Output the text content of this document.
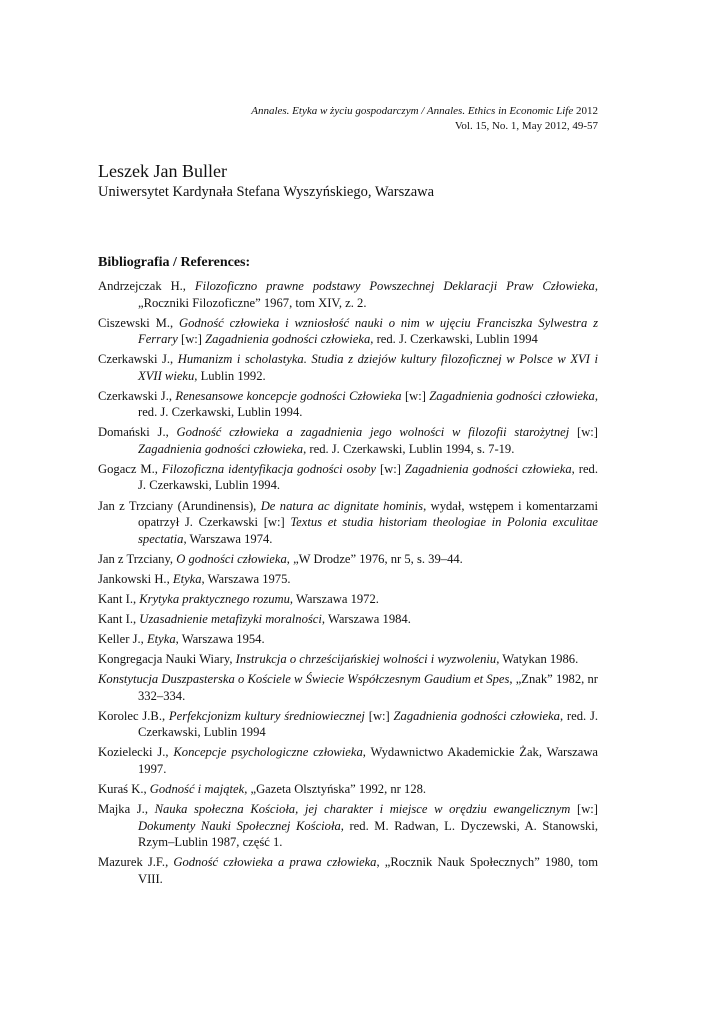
Annales. Etyka w życiu gospodarczym / Annales. Ethics in Economic Life 2012
Vol. 15, No. 1, May 2012, 49-57
Leszek Jan Buller
Uniwersytet Kardynała Stefana Wyszyńskiego, Warszawa
Bibliografia / References:
Andrzejczak H., Filozoficzno prawne podstawy Powszechnej Deklaracji Praw Człowieka, „Roczniki Filozoficzne” 1967, tom XIV, z. 2.
Ciszewski M., Godność człowieka i wzniosłość nauki o nim w ujęciu Franciszka Sylwestra z Ferrary [w:] Zagadnienia godności człowieka, red. J. Czerkawski, Lublin 1994
Czerkawski J., Humanizm i scholastyka. Studia z dziejów kultury filozoficznej w Polsce w XVI i XVII wieku, Lublin 1992.
Czerkawski J., Renesansowe koncepcje godności Człowieka [w:] Zagadnienia godności człowieka, red. J. Czerkawski, Lublin 1994.
Domański J., Godność człowieka a zagadnienia jego wolności w filozofii starożytnej [w:] Zagadnienia godności człowieka, red. J. Czerkawski, Lublin 1994, s. 7-19.
Gogacz M., Filozoficzna identyfikacja godności osoby [w:] Zagadnienia godności człowieka, red. J. Czerkawski, Lublin 1994.
Jan z Trzciany (Arundinensis), De natura ac dignitate hominis, wydał, wstępem i komentarzami opatrzył J. Czerkawski [w:] Textus et studia historiam theologiae in Polonia exculitae spectatia, Warszawa 1974.
Jan z Trzciany, O godności człowieka, „W Drodze” 1976, nr 5, s. 39–44.
Jankowski H., Etyka, Warszawa 1975.
Kant I., Krytyka praktycznego rozumu, Warszawa 1972.
Kant I., Uzasadnienie metafizyki moralności, Warszawa 1984.
Keller J., Etyka, Warszawa 1954.
Kongregacja Nauki Wiary, Instrukcja o chrześcijańskiej wolności i wyzwoleniu, Watykan 1986.
Konstytucja Duszpasterska o Kościele w Świecie Współczesnym Gaudium et Spes, „Znak” 1982, nr 332–334.
Korolec J.B., Perfekcjonizm kultury średniowiecznej [w:] Zagadnienia godności człowieka, red. J. Czerkawski, Lublin 1994
Kozielecki J., Koncepcje psychologiczne człowieka, Wydawnictwo Akademickie Żak, Warszawa 1997.
Kuraś K., Godność i majątek, „Gazeta Olsztyńska” 1992, nr 128.
Majka J., Nauka społeczna Kościoła, jej charakter i miejsce w orędziu ewangelicznym [w:] Dokumenty Nauki Społecznej Kościoła, red. M. Radwan, L. Dyczewski, A. Stanowski, Rzym–Lublin 1987, część 1.
Mazurek J.F., Godność człowieka a prawa człowieka, „Rocznik Nauk Społecznych” 1980, tom VIII.
